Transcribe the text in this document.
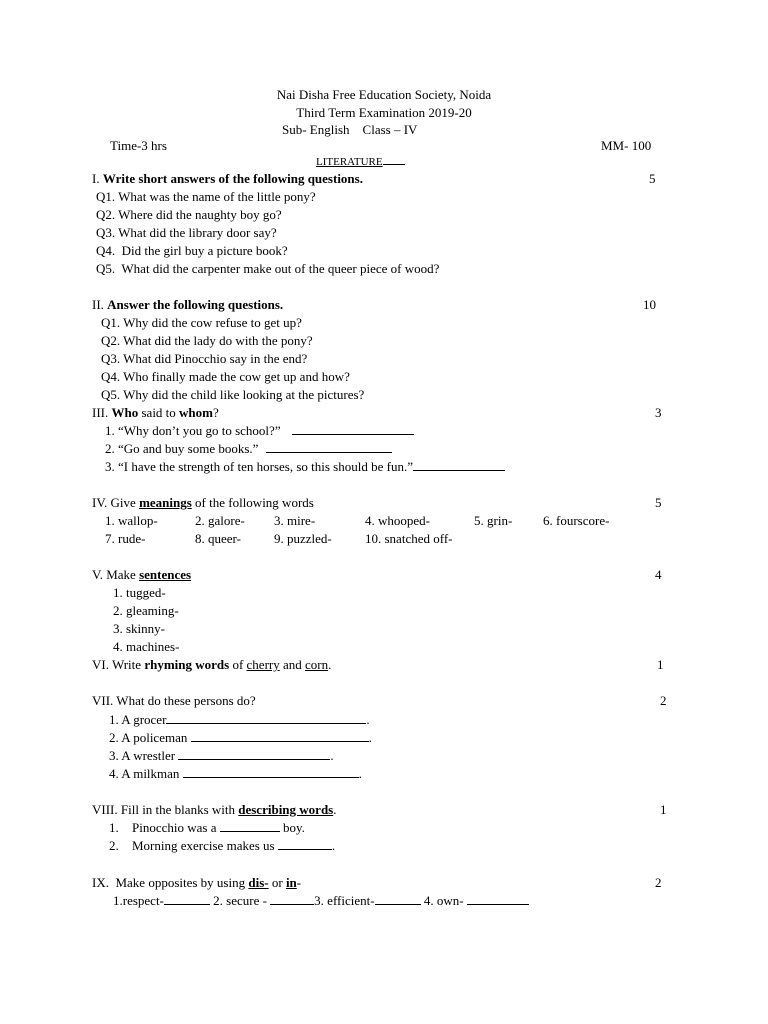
Nai Disha Free Education Society, Noida
Third Term Examination 2019-20
Sub- English    Class – IV
Time-3 hrs	MM- 100
LITERATURE
I. Write short answers of the following questions.	5
Q1. What was the name of the little pony?
Q2. Where did the naughty boy go?
Q3. What did the library door say?
Q4.  Did the girl buy a picture book?
Q5.  What did the carpenter make out of the queer piece of wood?
II. Answer the following questions.	10
Q1. Why did the cow refuse to get up?
Q2. What did the lady do with the pony?
Q3. What did Pinocchio say in the end?
Q4. Who finally made the cow get up and how?
Q5. Why did the child like looking at the pictures?
III. Who said to whom?	3
1. “Why don’t you go to school?”
2. “Go and buy some books.”
3. “I have the strength of ten horses, so this should be fun.”
IV. Give meanings of the following words	5
1. wallop-	2. galore- 3. mire-	4. whooped-	5. grin- 6. fourscore-
7. rude-	8. queer-	9. puzzled-	10. snatched off-
V. Make sentences	4
1. tugged-
2. gleaming-
3. skinny-
4. machines-
VI. Write rhyming words of cherry and corn.	1
VII. What do these persons do?	2
1. A grocer	.
2. A policeman	.
3. A wrestler	.
4. A milkman	.
VIII. Fill in the blanks with describing words.	1
1. Pinocchio was a	boy.
2. Morning exercise makes us	.
IX.  Make opposites by using dis- or in-	2
1.respect-	2. secure -	3. efficient-	4. own-
